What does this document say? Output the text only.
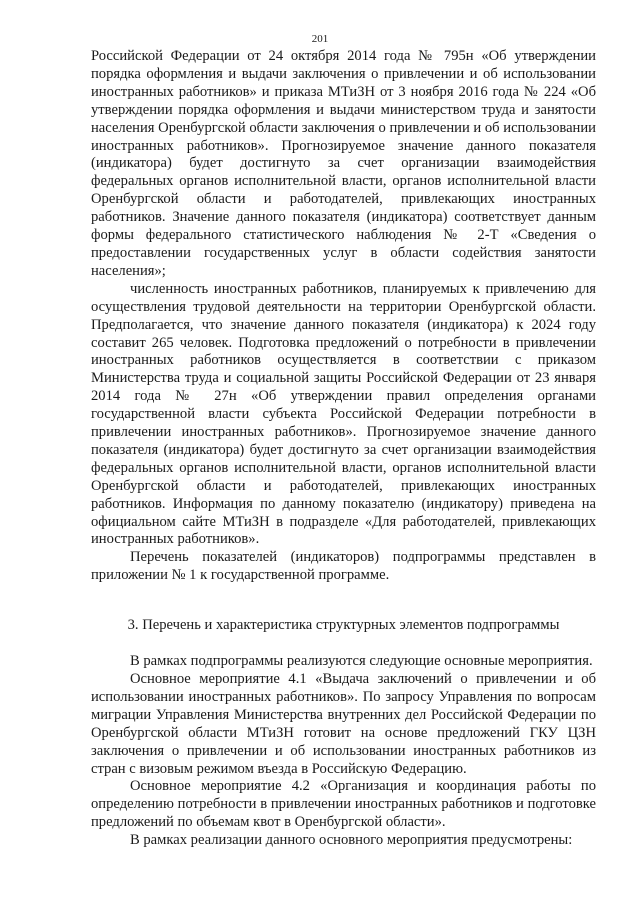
201

Российской Федерации от 24 октября 2014 года № 795н «Об утверждении порядка оформления и выдачи заключения о привлечении и об использовании иностранных работников» и приказа МТиЗН от 3 ноября 2016 года № 224 «Об утверждении порядка оформления и выдачи министерством труда и занятости населения Оренбургской области заключения о привлечении и об использовании иностранных работников». Прогнозируемое значение данного показателя (индикатора) будет достигнуто за счет организации взаимодействия федеральных органов исполнительной власти, органов исполнительной власти Оренбургской области и работодателей, привлекающих иностранных работников. Значение данного показателя (индикатора) соответствует данным формы федерального статистического наблюдения № 2-Т «Сведения о предоставлении государственных услуг в области содействия занятости населения»;

численность иностранных работников, планируемых к привлечению для осуществления трудовой деятельности на территории Оренбургской области. Предполагается, что значение данного показателя (индикатора) к 2024 году составит 265 человек. Подготовка предложений о потребности в привлечении иностранных работников осуществляется в соответствии с приказом Министерства труда и социальной защиты Российской Федерации от 23 января 2014 года № 27н «Об утверждении правил определения органами государственной власти субъекта Российской Федерации потребности в привлечении иностранных работников». Прогнозируемое значение данного показателя (индикатора) будет достигнуто за счет организации взаимодействия федеральных органов исполнительной власти, органов исполнительной власти Оренбургской области и работодателей, привлекающих иностранных работников. Информация по данному показателю (индикатору) приведена на официальном сайте МТиЗН в подразделе «Для работодателей, привлекающих иностранных работников».

Перечень показателей (индикаторов) подпрограммы представлен в приложении № 1 к государственной программе.

3. Перечень и характеристика структурных элементов подпрограммы

В рамках подпрограммы реализуются следующие основные мероприятия.

Основное мероприятие 4.1 «Выдача заключений о привлечении и об использовании иностранных работников». По запросу Управления по вопросам миграции Управления Министерства внутренних дел Российской Федерации по Оренбургской области МТиЗН готовит на основе предложений ГКУ ЦЗН заключения о привлечении и об использовании иностранных работников из стран с визовым режимом въезда в Российскую Федерацию.

Основное мероприятие 4.2 «Организация и координация работы по определению потребности в привлечении иностранных работников и подготовке предложений по объемам квот в Оренбургской области».

В рамках реализации данного основного мероприятия предусмотрены:
